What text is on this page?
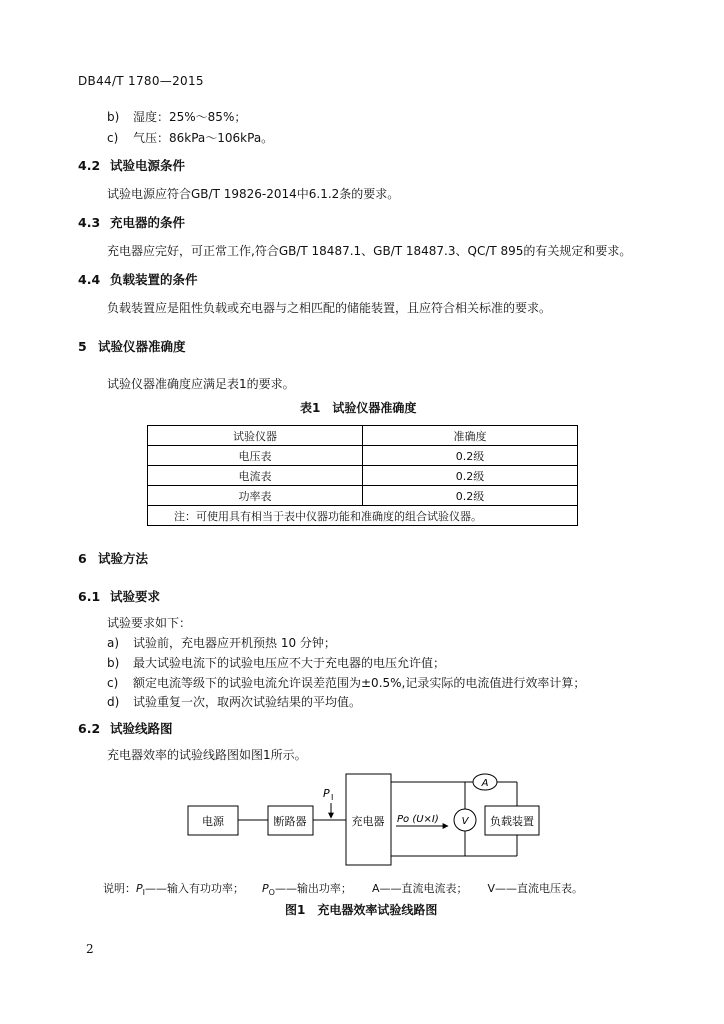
DB44/T 1780—2015
b) 湿度：25%～85%；
c) 气压：86kPa～106kPa。
4.2 试验电源条件
试验电源应符合GB/T 19826-2014中6.1.2条的要求。
4.3 充电器的条件
充电器应完好，可正常工作,符合GB/T 18487.1、GB/T 18487.3、QC/T 895的有关规定和要求。
4.4 负载装置的条件
负载装置应是阻性负载或充电器与之相匹配的储能装置，且应符合相关标准的要求。
5 试验仪器准确度
试验仪器准确度应满足表1的要求。
表1　试验仪器准确度
试验仪器	准确度
电压表	0.2级
电流表	0.2级
功率表	0.2级
注：可使用具有相当于表中仪器功能和准确度的组合试验仪器。	
6 试验方法
6.1 试验要求
试验要求如下：
a) 试验前，充电器应开机预热 10 分钟；
b) 最大试验电流下的试验电压应不大于充电器的电压允许值；
c) 额定电流等级下的试验电流允许误差范围为±0.5%,记录实际的电流值进行效率计算；
d) 试验重复一次，取两次试验结果的平均值。
6.2 试验线路图
充电器效率的试验线路图如图1所示。
电源	断路器	充电器	负载装置
P I
Po (U×I)
A
V
说明：$P_I——$输入有功功率； $P_O——$输出功率； A——直流电流表； V——直流电压表。
图1　充电器效率试验线路图
2
